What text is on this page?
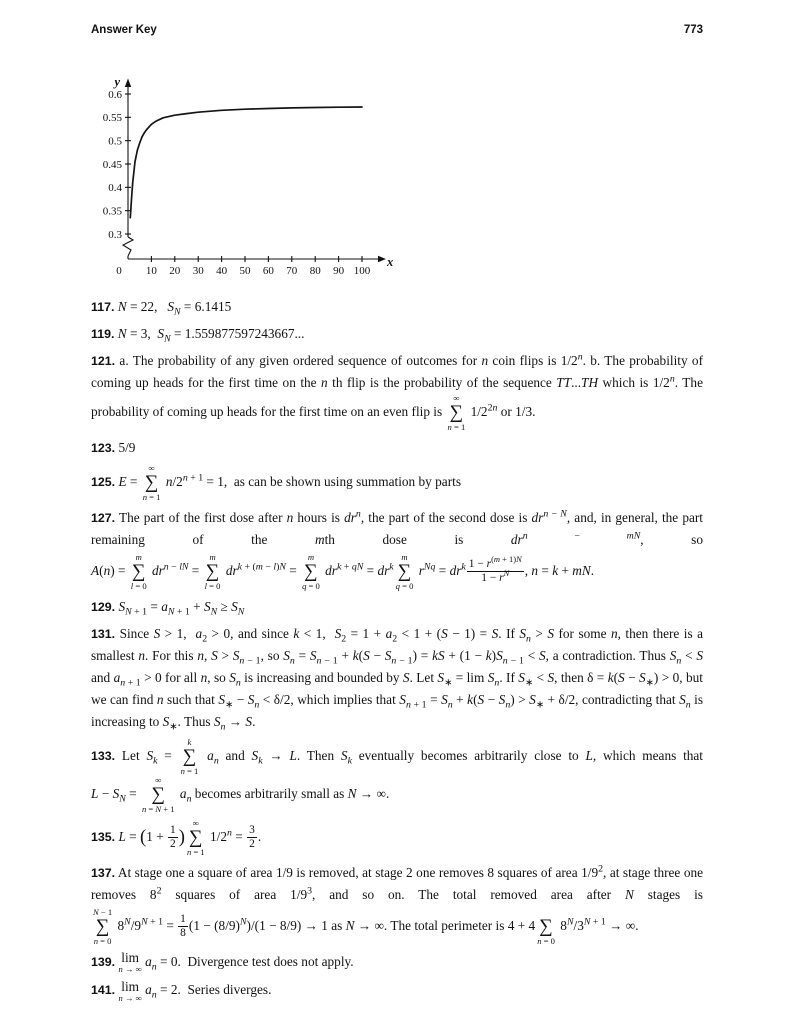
Answer Key	773
0.3
0.35
0.4
0.45
0.5
0.55
0.6
0 10 20 30 40 50 60 70 80 90 100
y
x
117. N = 22,   $S_N = 6.1415$
119. N = 3,  $S_N = 1.559877597243667$...
121. a. The probability of any given ordered sequence of outcomes for n coin flips is 1/2$^n$. b. The probability of coming up heads for the first time on the n th flip is the probability of the sequence TT...TH which is 1/2$^n$. The probability of coming up heads for the first time on an even flip is
∞
∑
n = 1
$1/2^{2n}$ or 1/3.
123. 5/9
125. E =
∞
∑
n = 1
$n/2^{n + 1} = 1$,  as can be shown using summation by parts
127. The part of the first dose after n hours is $dr^n$, the part of the second dose is $dr^{n - N}$, and, in general, the part remaining of the mth dose is $dr^{n - mN}$, so
A(n) =
m
∑
l = 0
$dr^{n - lN}$ =
m
∑
l = 0
$dr^{k + (m - l)N}$ =
m
∑
q = 0
$dr^{k + qN} = dr^k$
m
∑
q = 0
$r^{Nq} = dr^k \frac{1 - r^{(m + 1)N}}{1 - r^N}$ , n = k + mN.
129. $S_{N + 1} = a_{N + 1} + S_N \ge S_N$
131. Since S > 1,  $a_2 > 0$, and since k < 1,  $S_2 = 1 + a_2 < 1 + (S - 1) = S$. If $S_n > S$ for some n, then there is a smallest n. For this n, $S > S_{n - 1}$, so $S_n = S_{n - 1} + k(S - S_{n - 1})$ = kS + $(1 - k)S_{n - 1} < S$, a contradiction. Thus $S_n < S$ and $a_{n + 1} > 0$ for all n, so $S_n$ is increasing and bounded by S. Let $S_∗ = \lim S_n$. If $S_∗ < S$, then $\delta = k(S - S_∗) > 0$, but we can find n such that $S_∗ - S_n < \delta/2$, which implies that $S_{n + 1} = S_n + k(S - S_n) > S_∗ + \delta/2$, contradicting that $S_n$ is increasing to $S_∗$. Thus $S_n \to S$.
133. Let $S_k$ =
k
∑
n = 1
$a_n$ and $S_k \to L$. Then $S_k$ eventually becomes arbitrarily close to L, which means that
$L - S_N$ =
∞
∑
n = N + 1
$a_n$ becomes arbitrarily small as N → ∞.
135. $L = (1 + \frac{1}{2}$ )
∞
∑
n = 1
$1/2^n = \frac{3}{2}$ .
137. At stage one a square of area 1/9 is removed, at stage 2 one removes 8 squares of area $1/9^2$, at stage three one removes $8^2$ squares of area $1/9^3$, and so on. The total removed area after N stages is
N − 1
∑
n = 0
$8^N/9^{N + 1} = \frac{1}{8} (1 - (8/9)^N)/(1 - 8/9) \to 1$ as N → ∞. The total perimeter is 4 + 4
∑
n = 0
$8^N/3^{N + 1}$ → ∞.
139. lim
n → ∞
$a_n = 0$.  Divergence test does not apply.
141. lim
n → ∞
$a_n = 2$.  Series diverges.
